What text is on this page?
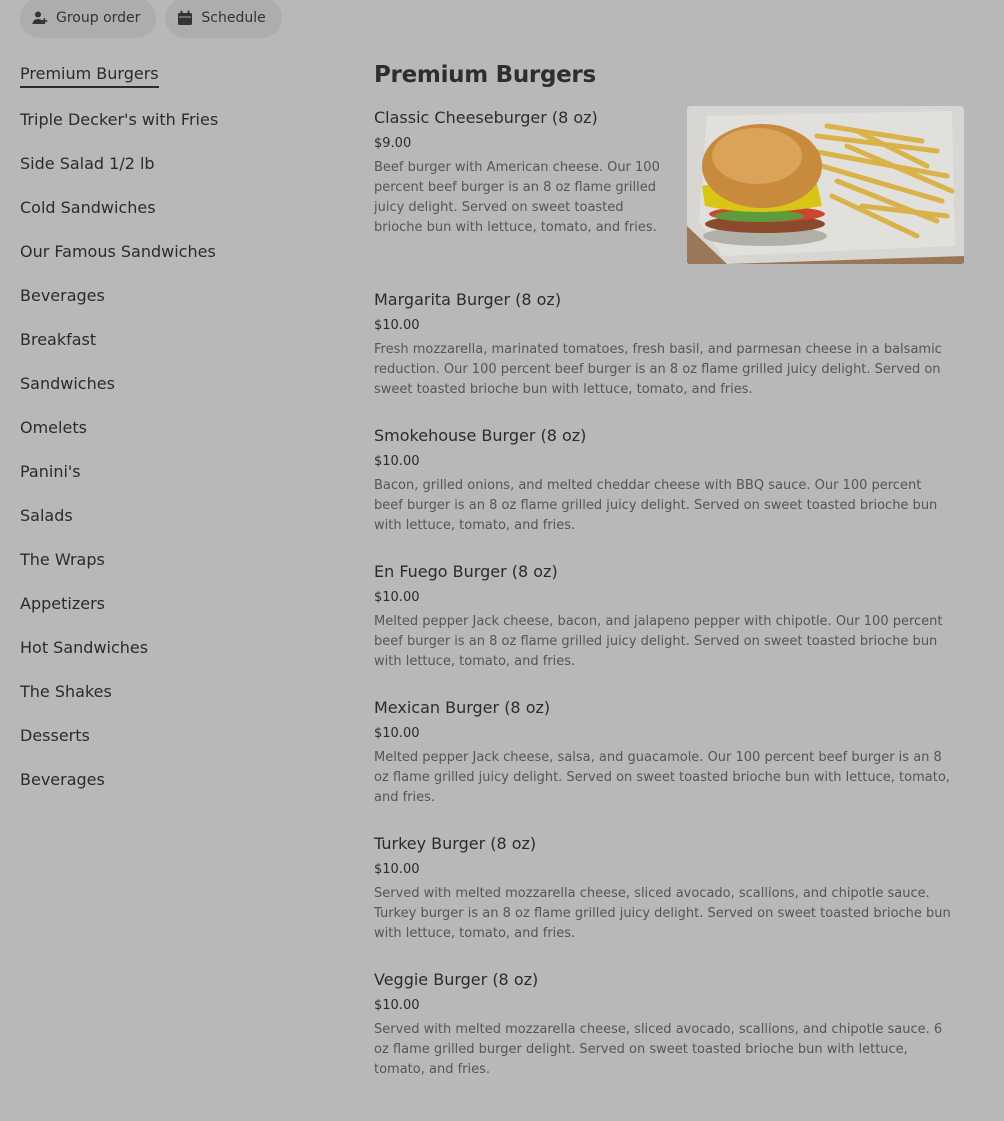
Group order	Schedule
Premium Burgers
Triple Decker's with Fries
Side Salad 1/2 lb
Cold Sandwiches
Our Famous Sandwiches
Beverages
Breakfast
Sandwiches
Omelets
Panini's
Salads
The Wraps
Appetizers
Hot Sandwiches
The Shakes
Desserts
Beverages
Premium Burgers
Classic Cheeseburger (8 oz)
$9.00
Beef burger with American cheese. Our 100 percent beef burger is an 8 oz flame grilled juicy delight. Served on sweet toasted brioche bun with lettuce, tomato, and fries.
Margarita Burger (8 oz)
$10.00
Fresh mozzarella, marinated tomatoes, fresh basil, and parmesan cheese in a balsamic reduction. Our 100 percent beef burger is an 8 oz flame grilled juicy delight. Served on sweet toasted brioche bun with lettuce, tomato, and fries.
Smokehouse Burger (8 oz)
$10.00
Bacon, grilled onions, and melted cheddar cheese with BBQ sauce. Our 100 percent beef burger is an 8 oz flame grilled juicy delight. Served on sweet toasted brioche bun with lettuce, tomato, and fries.
En Fuego Burger (8 oz)
$10.00
Melted pepper Jack cheese, bacon, and jalapeno pepper with chipotle. Our 100 percent beef burger is an 8 oz flame grilled juicy delight. Served on sweet toasted brioche bun with lettuce, tomato, and fries.
Mexican Burger (8 oz)
$10.00
Melted pepper Jack cheese, salsa, and guacamole. Our 100 percent beef burger is an 8 oz flame grilled juicy delight. Served on sweet toasted brioche bun with lettuce, tomato, and fries.
Turkey Burger (8 oz)
$10.00
Served with melted mozzarella cheese, sliced avocado, scallions, and chipotle sauce. Turkey burger is an 8 oz flame grilled juicy delight. Served on sweet toasted brioche bun with lettuce, tomato, and fries.
Veggie Burger (8 oz)
$10.00
Served with melted mozzarella cheese, sliced avocado, scallions, and chipotle sauce. 6 oz flame grilled burger delight. Served on sweet toasted brioche bun with lettuce, tomato, and fries.
